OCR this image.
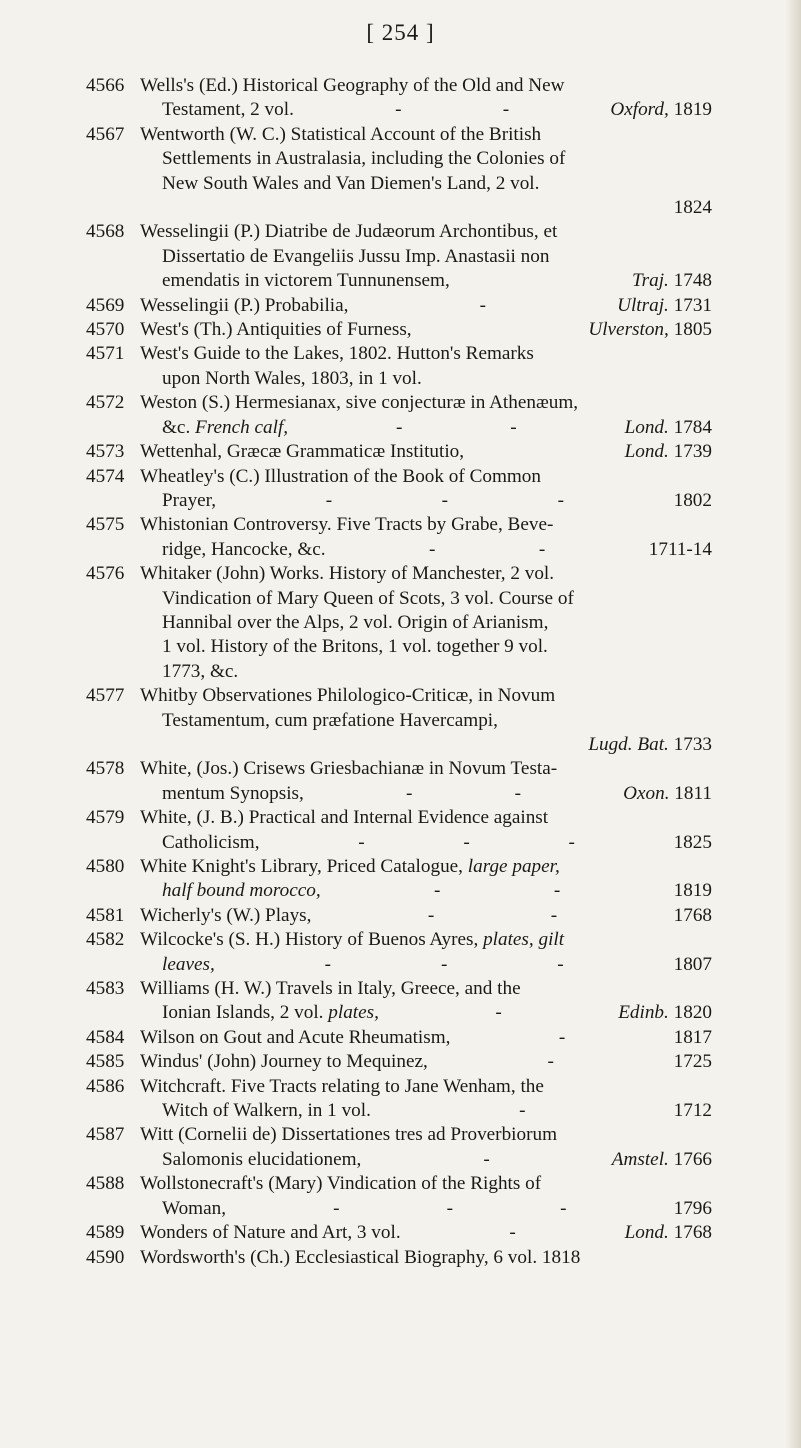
[ 254 ]
4566 Wells's (Ed.) Historical Geography of the Old and New
Testament, 2 vol.	-	-	Oxford, 1819
4567 Wentworth (W. C.) Statistical Account of the British
Settlements in Australasia, including the Colonies of
New South Wales and Van Diemen's Land, 2 vol.
1824
4568 Wesselingii (P.) Diatribe de Judæorum Archontibus, et
Dissertatio de Evangeliis Jussu Imp. Anastasii non
emendatis in victorem Tunnunensem,	Traj. 1748
4569 Wesselingii (P.) Probabilia,	-	Ultraj. 1731
4570 West's (Th.) Antiquities of Furness,	Ulverston, 1805
4571 West's Guide to the Lakes, 1802. Hutton's Remarks
upon North Wales, 1803, in 1 vol.
4572 Weston (S.) Hermesianax, sive conjecturæ in Athenæum,
&c. French calf,	-	-	Lond. 1784
4573 Wettenhal, Græcæ Grammaticæ Institutio,	Lond. 1739
4574 Wheatley's (C.) Illustration of the Book of Common
Prayer,	-	-	-	1802
4575 Whistonian Controversy. Five Tracts by Grabe, Beve-
ridge, Hancocke, &c.	-	-	1711-14
4576 Whitaker (John) Works. History of Manchester, 2 vol.
Vindication of Mary Queen of Scots, 3 vol. Course of
Hannibal over the Alps, 2 vol. Origin of Arianism,
1 vol. History of the Britons, 1 vol. together 9 vol.
1773, &c.
4577 Whitby Observationes Philologico-Criticæ, in Novum
Testamentum, cum præfatione Havercampi,
Lugd. Bat. 1733
4578 White, (Jos.) Crisews Griesbachianæ in Novum Testa-
mentum Synopsis,	-	-	Oxon. 1811
4579 White, (J. B.) Practical and Internal Evidence against
Catholicism,	-	-	-	1825
4580 White Knight's Library, Priced Catalogue, large paper,
half bound morocco,	-	-	1819
4581 Wicherly's (W.) Plays,	-	-	1768
4582 Wilcocke's (S. H.) History of Buenos Ayres, plates, gilt
leaves,	-	-	-	1807
4583 Williams (H. W.) Travels in Italy, Greece, and the
Ionian Islands, 2 vol. plates,	-	Edinb. 1820
4584 Wilson on Gout and Acute Rheumatism,	-	1817
4585 Windus' (John) Journey to Mequinez,	-	1725
4586 Witchcraft. Five Tracts relating to Jane Wenham, the
Witch of Walkern, in 1 vol.	-	1712
4587 Witt (Cornelii de) Dissertationes tres ad Proverbiorum
Salomonis elucidationem,	-	Amstel. 1766
4588 Wollstonecraft's (Mary) Vindication of the Rights of
Woman,	-	-	-	1796
4589 Wonders of Nature and Art, 3 vol.	-	Lond. 1768
4590 Wordsworth's (Ch.) Ecclesiastical Biography, 6 vol. 1818
